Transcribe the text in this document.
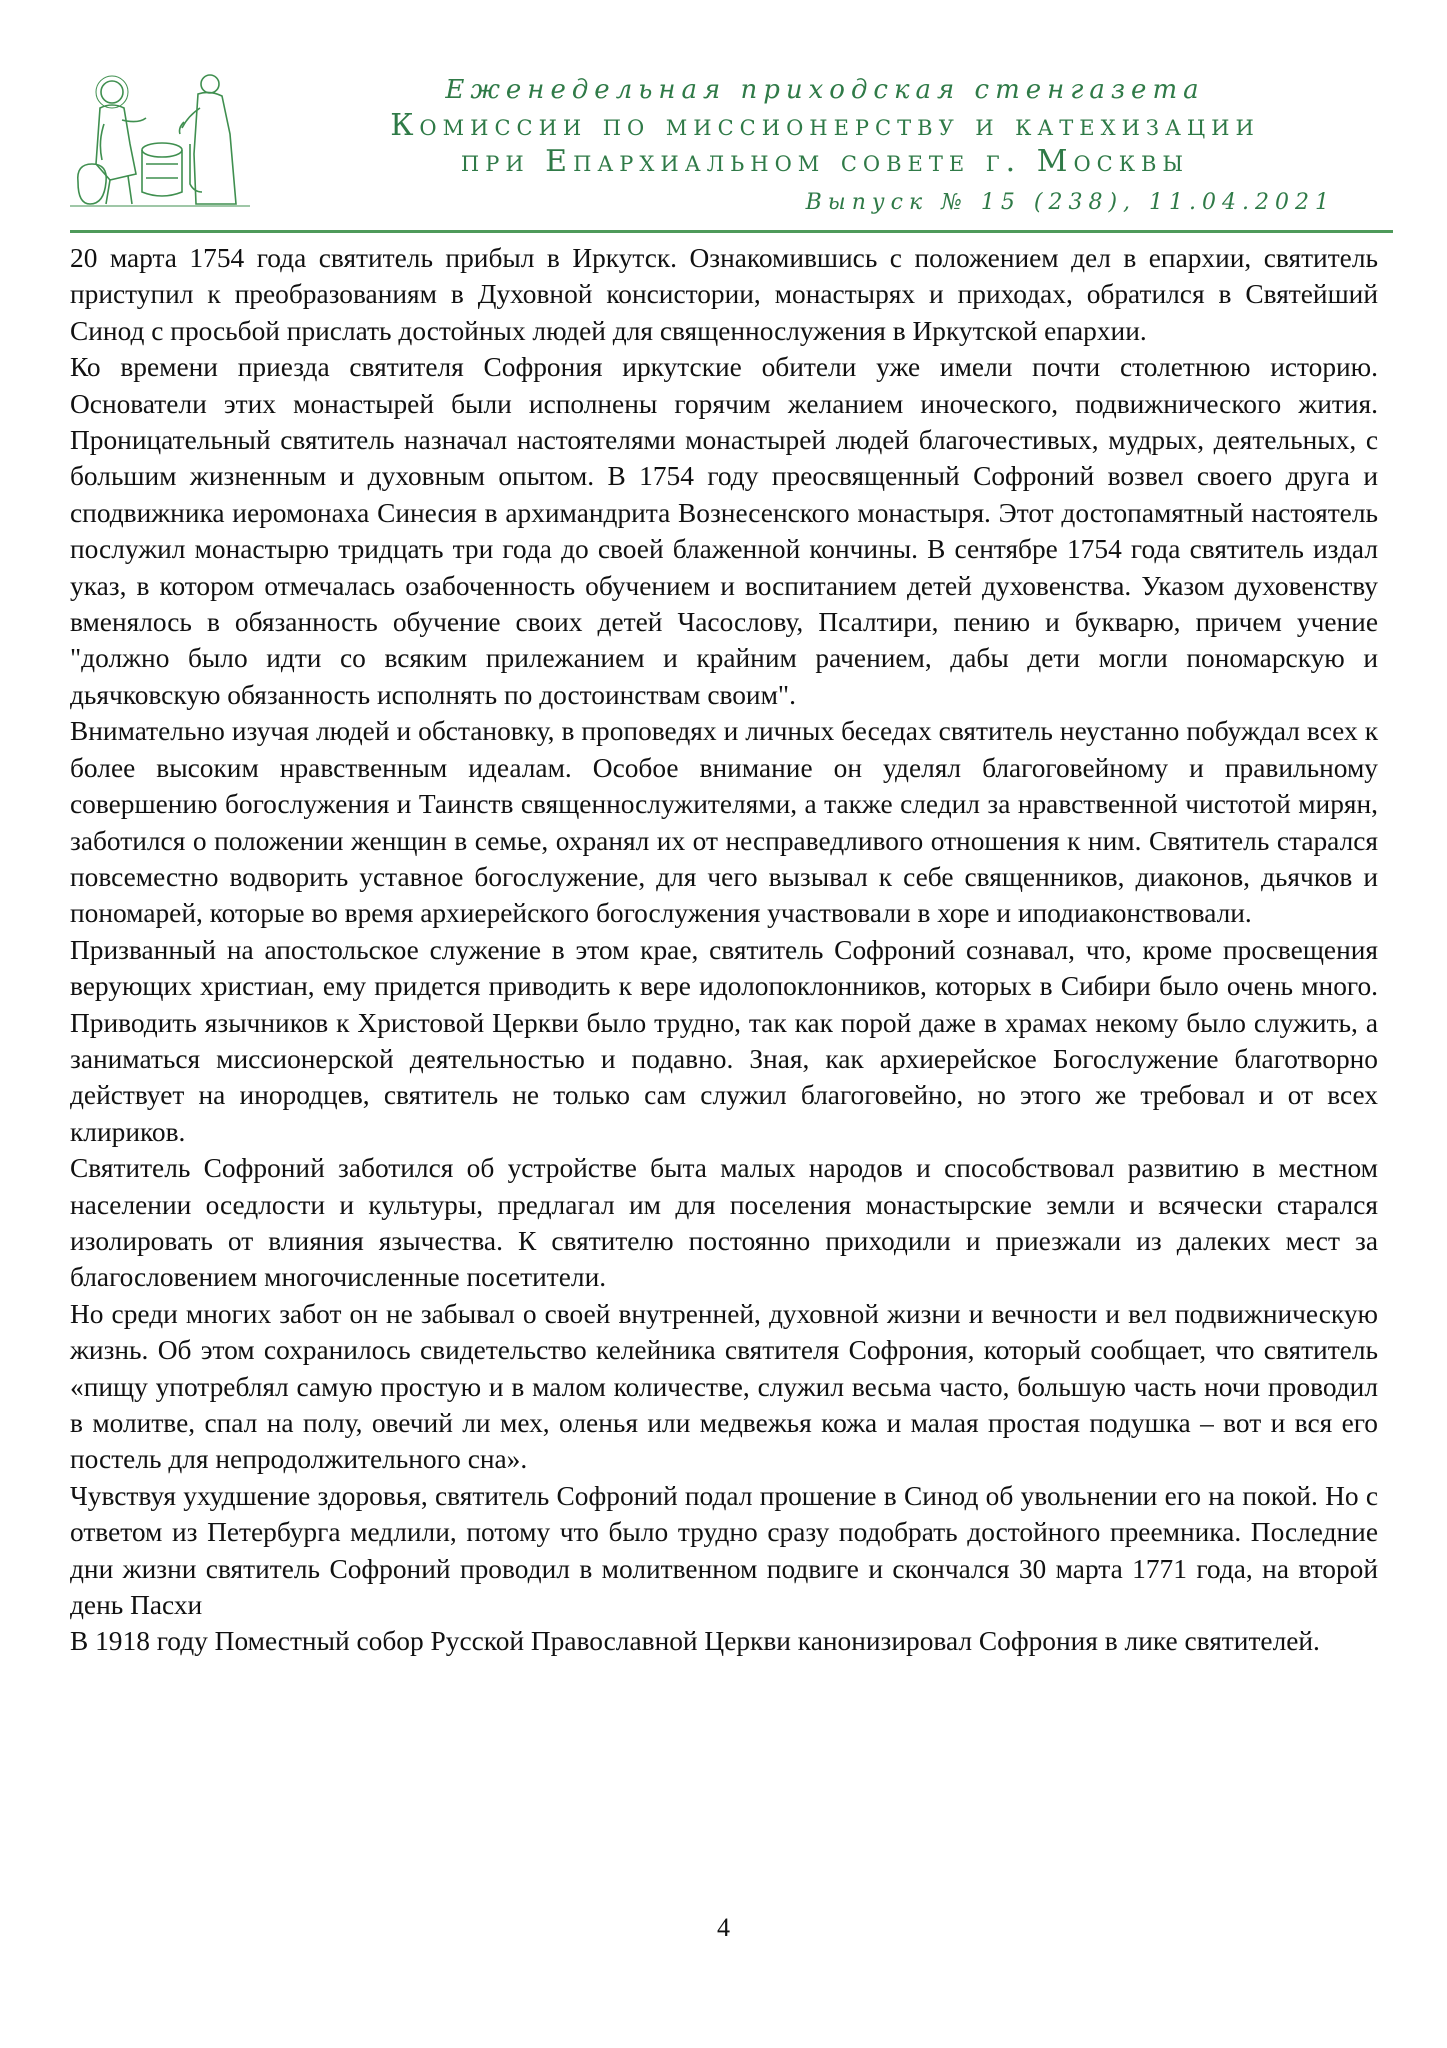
Еженедельная приходская стенгазета
Комиссии по миссионерству и катехизации
при Епархиальном совете г. Москвы
Выпуск № 15 (238), 11.04.2021

20 марта 1754 года святитель прибыл в Иркутск. Ознакомившись с положением дел в епархии, святитель приступил к преобразованиям в Духовной консистории, монастырях и приходах, обратился в Святейший Синод с просьбой прислать достойных людей для священнослужения в Иркутской епархии.

Ко времени приезда святителя Софрония иркутские обители уже имели почти столетнюю историю. Основатели этих монастырей были исполнены горячим желанием иноческого, подвижнического жития. Проницательный святитель назначал настоятелями монастырей людей благочестивых, мудрых, деятельных, с большим жизненным и духовным опытом. В 1754 году преосвященный Софроний возвел своего друга и сподвижника иеромонаха Синесия в архимандрита Вознесенского монастыря. Этот достопамятный настоятель послужил монастырю тридцать три года до своей блаженной кончины. В сентябре 1754 года святитель издал указ, в котором отмечалась озабоченность обучением и воспитанием детей духовенства. Указом духовенству вменялось в обязанность обучение своих детей Часослову, Псалтири, пению и букварю, причем учение "должно было идти со всяким прилежанием и крайним рачением, дабы дети могли пономарскую и дьячковскую обязанность исполнять по достоинствам своим".

Внимательно изучая людей и обстановку, в проповедях и личных беседах святитель неустанно побуждал всех к более высоким нравственным идеалам. Особое внимание он уделял благоговейному и правильному совершению богослужения и Таинств священнослужителями, а также следил за нравственной чистотой мирян, заботился о положении женщин в семье, охранял их от несправедливого отношения к ним. Святитель старался повсеместно водворить уставное богослужение, для чего вызывал к себе священников, диаконов, дьячков и пономарей, которые во время архиерейского богослужения участвовали в хоре и иподиаконствовали.

Призванный на апостольское служение в этом крае, святитель Софроний сознавал, что, кроме просвещения верующих христиан, ему придется приводить к вере идолопоклонников, которых в Сибири было очень много. Приводить язычников к Христовой Церкви было трудно, так как порой даже в храмах некому было служить, а заниматься миссионерской деятельностью и подавно. Зная, как архиерейское Богослужение благотворно действует на инородцев, святитель не только сам служил благоговейно, но этого же требовал и от всех клириков.

Святитель Софроний заботился об устройстве быта малых народов и способствовал развитию в местном населении оседлости и культуры, предлагал им для поселения монастырские земли и всячески старался изолировать от влияния язычества. К святителю постоянно приходили и приезжали из далеких мест за благословением многочисленные посетители.

Но среди многих забот он не забывал о своей внутренней, духовной жизни и вечности и вел подвижническую жизнь. Об этом сохранилось свидетельство келейника святителя Софрония, который сообщает, что святитель «пищу употреблял самую простую и в малом количестве, служил весьма часто, большую часть ночи проводил в молитве, спал на полу, овечий ли мех, оленья или медвежья кожа и малая простая подушка – вот и вся его постель для непродолжительного сна».

Чувствуя ухудшение здоровья, святитель Софроний подал прошение в Синод об увольнении его на покой. Но с ответом из Петербурга медлили, потому что было трудно сразу подобрать достойного преемника. Последние дни жизни святитель Софроний проводил в молитвенном подвиге и скончался 30 марта 1771 года, на второй день Пасхи

В 1918 году Поместный собор Русской Православной Церкви канонизировал Софрония в лике святителей.

4
